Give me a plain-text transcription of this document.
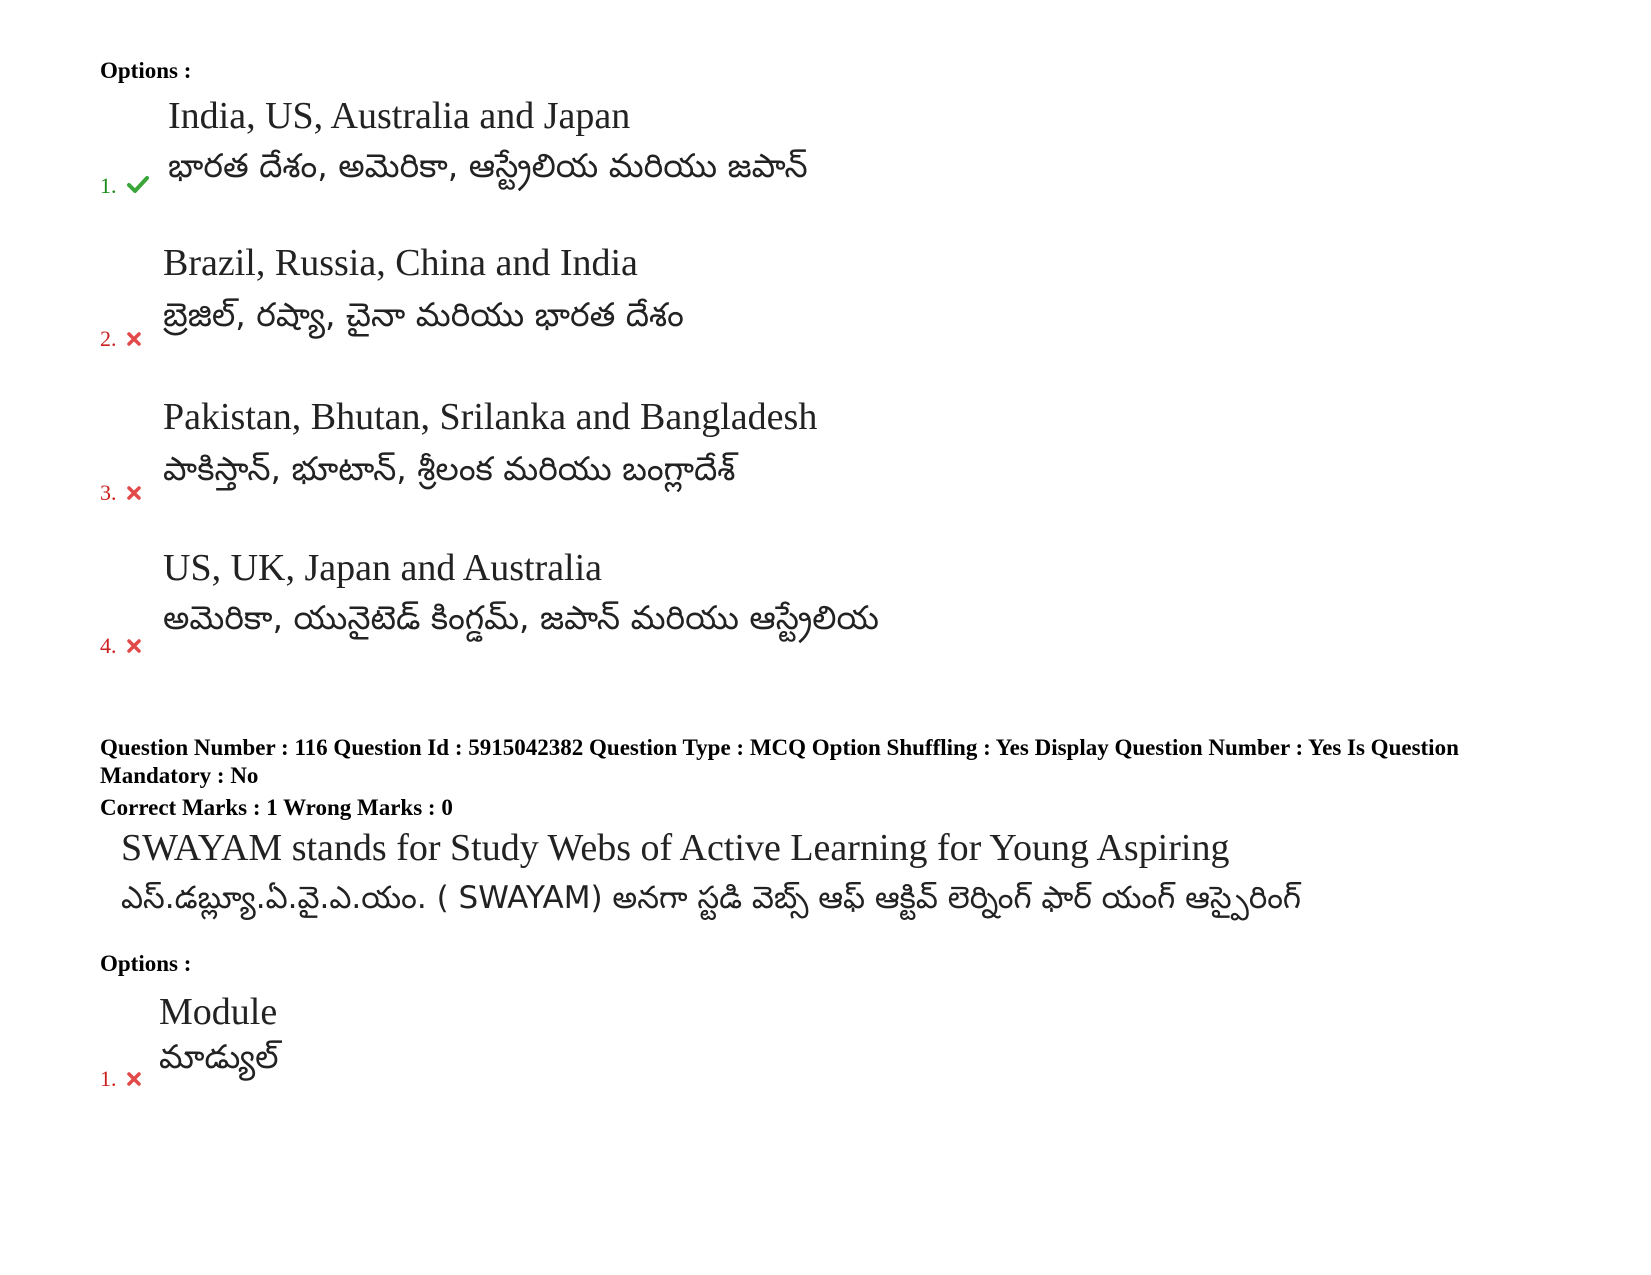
Options :
India, US, Australia and Japan
భారత దేశం, అమెరికా, ఆస్ట్రేలియ మరియు జపాన్
1.
Brazil, Russia, China and India
బ్రెజిల్, రష్యా, చైనా మరియు భారత దేశం
2.
Pakistan, Bhutan, Srilanka and Bangladesh
పాకిస్తాన్, భూటాన్, శ్రీలంక మరియు బంగ్లాదేశ్
3.
US, UK, Japan and Australia
అమెరికా, యునైటెడ్ కింగ్డమ్, జపాన్ మరియు ఆస్ట్రేలియ
4.
Question Number : 116 Question Id : 5915042382 Question Type : MCQ Option Shuffling : Yes Display Question Number : Yes Is Question Mandatory : No
Correct Marks : 1 Wrong Marks : 0
SWAYAM stands for Study Webs of Active Learning for Young Aspiring
ఎస్.డబ్ల్యూ.ఏ.వై.ఎ.యం. ( SWAYAM) అనగా స్టడి వెబ్స్ ఆఫ్ ఆక్టివ్ లెర్నింగ్ ఫార్ యంగ్ ఆస్పైరింగ్
Options :
Module
మాడ్యుల్
1.
